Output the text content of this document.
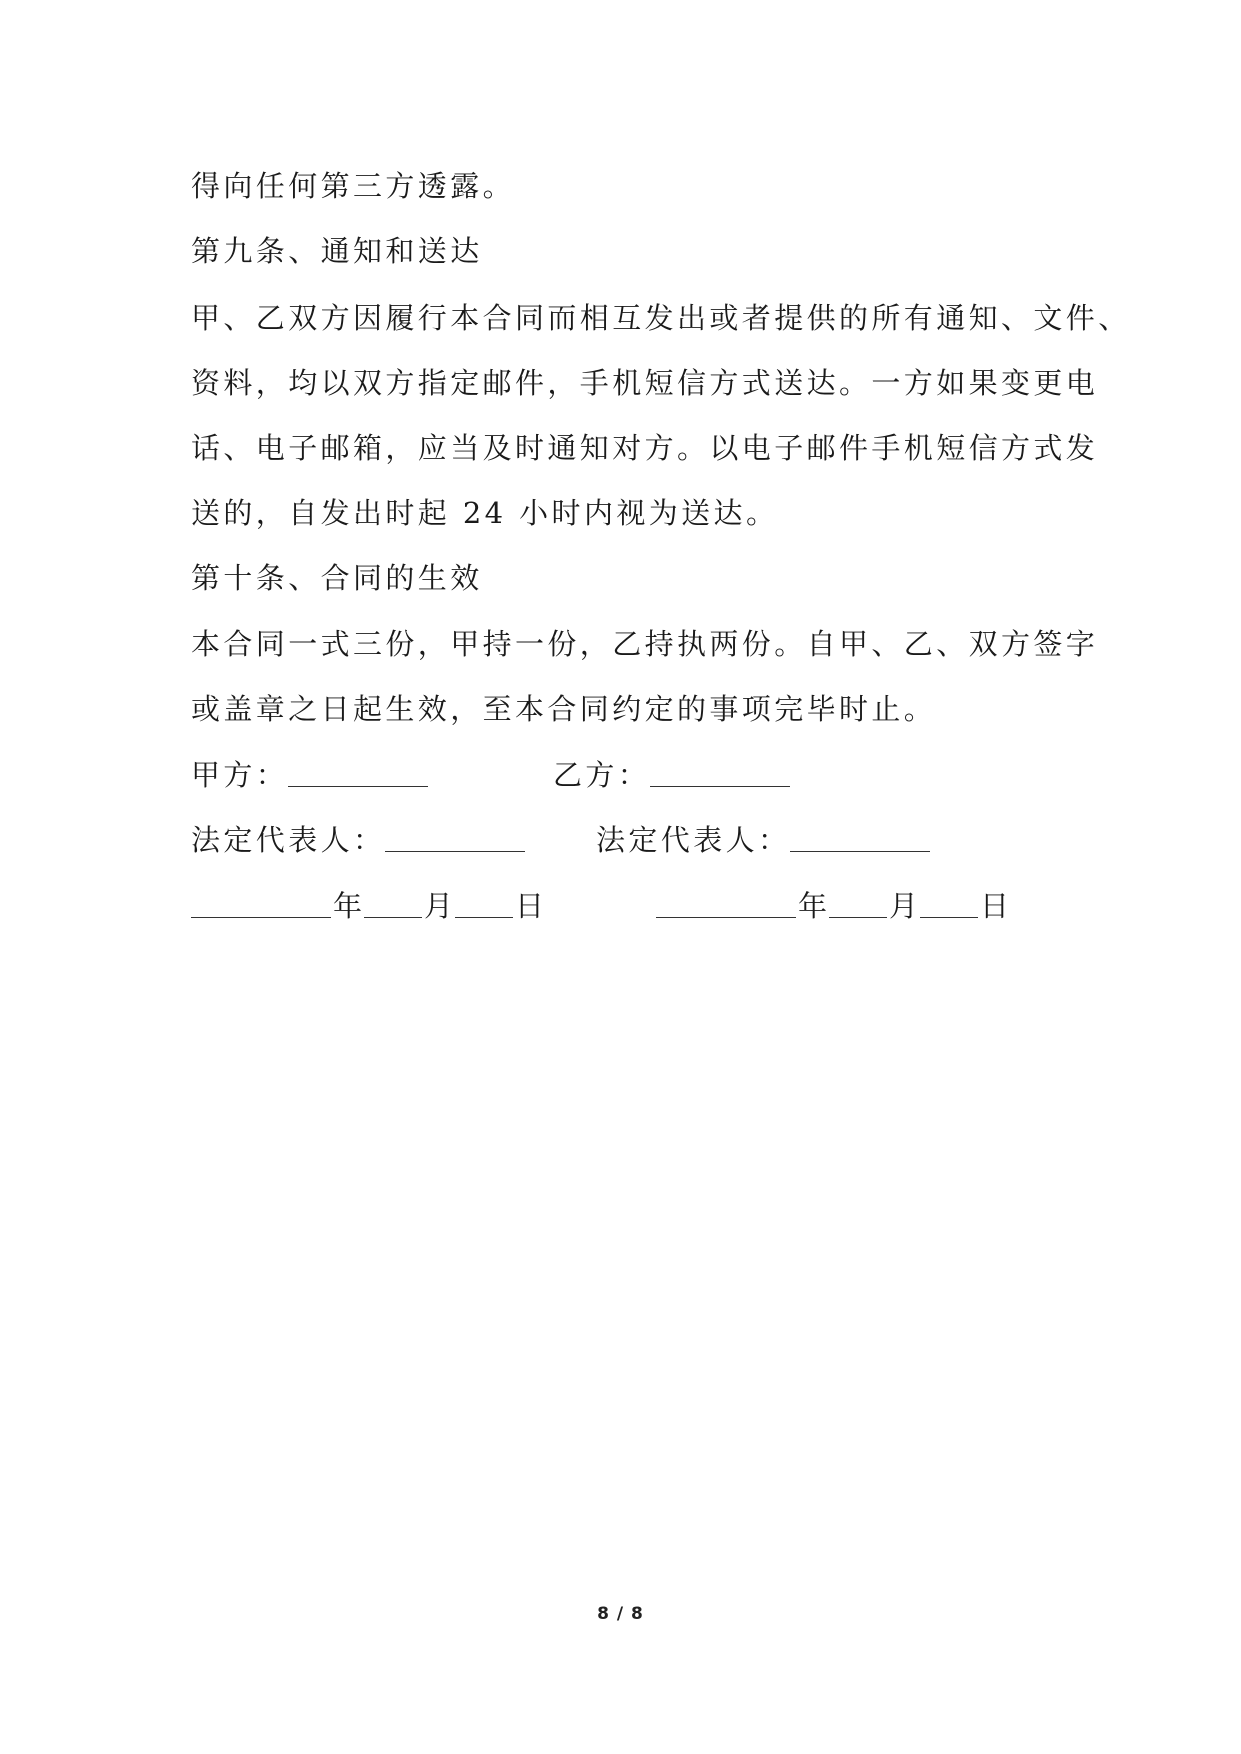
得向任何第三方透露。
第九条、通知和送达
甲、乙双方因履行本合同而相互发出或者提供的所有通知、文件、
资料，均以双方指定邮件，手机短信方式送达。一方如果变更电
话、电子邮箱，应当及时通知对方。以电子邮件手机短信方式发
送的，自发出时起 24 小时内视为送达。
第十条、合同的生效
本合同一式三份，甲持一份，乙持执两份。自甲、乙、双方签字
或盖章之日起生效，至本合同约定的事项完毕时止。
甲方：	乙方：
法定代表人：	法定代表人：
年 月 日	年 月 日
8 / 8
